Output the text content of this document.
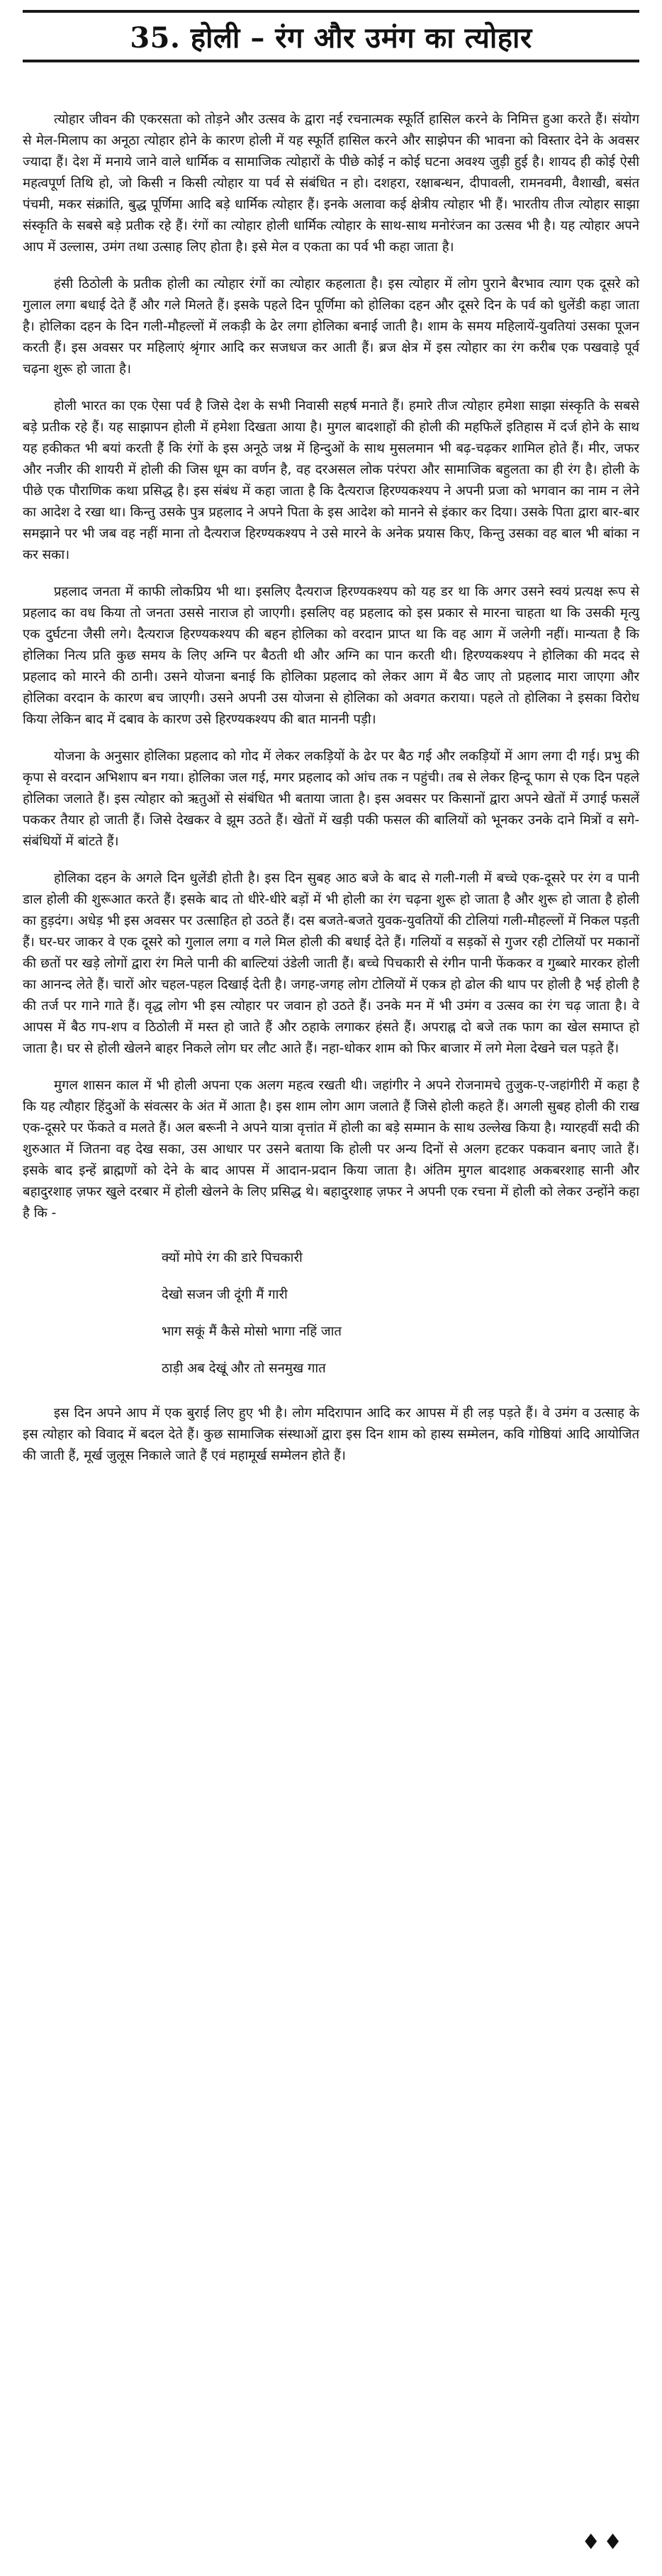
35. होली – रंग और उमंग का त्योहार

त्योहार जीवन की एकरसता को तोड़ने और उत्सव के द्वारा नई रचनात्मक स्फूर्ति हासिल करने के निमित्त हुआ करते हैं। संयोग से मेल-मिलाप का अनूठा त्योहार होने के कारण होली में यह स्फूर्ति हासिल करने और साझेपन की भावना को विस्तार देने के अवसर ज्यादा हैं। देश में मनाये जाने वाले धार्मिक व सामाजिक त्योहारों के पीछे कोई न कोई घटना अवश्य जुड़ी हुई है। शायद ही कोई ऐसी महत्वपूर्ण तिथि हो, जो किसी न किसी त्योहार या पर्व से संबंधित न हो। दशहरा, रक्षाबन्धन, दीपावली, रामनवमी, वैशाखी, बसंत पंचमी, मकर संक्रांति, बुद्ध पूर्णिमा आदि बड़े धार्मिक त्योहार हैं। इनके अलावा कई क्षेत्रीय त्योहार भी हैं। भारतीय तीज त्योहार साझा संस्कृति के सबसे बड़े प्रतीक रहे हैं। रंगों का त्योहार होली धार्मिक त्योहार के साथ-साथ मनोरंजन का उत्सव भी है। यह त्योहार अपने आप में उल्लास, उमंग तथा उत्साह लिए होता है। इसे मेल व एकता का पर्व भी कहा जाता है।

हंसी ठिठोली के प्रतीक होली का त्योहार रंगों का त्योहार कहलाता है। इस त्योहार में लोग पुराने बैरभाव त्याग एक दूसरे को गुलाल लगा बधाई देते हैं और गले मिलते हैं। इसके पहले दिन पूर्णिमा को होलिका दहन और दूसरे दिन के पर्व को धुलेंडी कहा जाता है। होलिका दहन के दिन गली-मौहल्लों में लकड़ी के ढेर लगा होलिका बनाई जाती है। शाम के समय महिलायें-युवतियां उसका पूजन करती हैं। इस अवसर पर महिलाएं श्रृंगार आदि कर सजधज कर आती हैं। ब्रज क्षेत्र में इस त्योहार का रंग करीब एक पखवाड़े पूर्व चढ़ना शुरू हो जाता है।

होली भारत का एक ऐसा पर्व है जिसे देश के सभी निवासी सहर्ष मनाते हैं। हमारे तीज त्योहार हमेशा साझा संस्कृति के सबसे बड़े प्रतीक रहे हैं। यह साझापन होली में हमेशा दिखता आया है। मुगल बादशाहों की होली की महफिलें इतिहास में दर्ज होने के साथ यह हकीकत भी बयां करती हैं कि रंगों के इस अनूठे जश्न में हिन्दुओं के साथ मुसलमान भी बढ़-चढ़कर शामिल होते हैं। मीर, जफर और नजीर की शायरी में होली की जिस धूम का वर्णन है, वह दरअसल लोक परंपरा और सामाजिक बहुलता का ही रंग है। होली के पीछे एक पौराणिक कथा प्रसिद्ध है। इस संबंध में कहा जाता है कि दैत्यराज हिरण्यकश्यप ने अपनी प्रजा को भगवान का नाम न लेने का आदेश दे रखा था। किन्तु उसके पुत्र प्रहलाद ने अपने पिता के इस आदेश को मानने से इंकार कर दिया। उसके पिता द्वारा बार-बार समझाने पर भी जब वह नहीं माना तो दैत्यराज हिरण्यकश्यप ने उसे मारने के अनेक प्रयास किए, किन्तु उसका वह बाल भी बांका न कर सका।

प्रहलाद जनता में काफी लोकप्रिय भी था। इसलिए दैत्यराज हिरण्यकश्यप को यह डर था कि अगर उसने स्वयं प्रत्यक्ष रूप से प्रहलाद का वध किया तो जनता उससे नाराज हो जाएगी। इसलिए वह प्रहलाद को इस प्रकार से मारना चाहता था कि उसकी मृत्यु एक दुर्घटना जैसी लगे। दैत्यराज हिरण्यकश्यप की बहन होलिका को वरदान प्राप्त था कि वह आग में जलेगी नहीं। मान्यता है कि होलिका नित्य प्रति कुछ समय के लिए अग्नि पर बैठती थी और अग्नि का पान करती थी। हिरण्यकश्यप ने होलिका की मदद से प्रहलाद को मारने की ठानी। उसने योजना बनाई कि होलिका प्रहलाद को लेकर आग में बैठ जाए तो प्रहलाद मारा जाएगा और होलिका वरदान के कारण बच जाएगी। उसने अपनी उस योजना से होलिका को अवगत कराया। पहले तो होलिका ने इसका विरोध किया लेकिन बाद में दबाव के कारण उसे हिरण्यकश्यप की बात माननी पड़ी।

योजना के अनुसार होलिका प्रहलाद को गोद में लेकर लकड़ियों के ढेर पर बैठ गई और लकड़ियों में आग लगा दी गई। प्रभु की कृपा से वरदान अभिशाप बन गया। होलिका जल गई, मगर प्रहलाद को आंच तक न पहुंची। तब से लेकर हिन्दू फाग से एक दिन पहले होलिका जलाते हैं। इस त्योहार को ऋतुओं से संबंधित भी बताया जाता है। इस अवसर पर किसानों द्वारा अपने खेतों में उगाई फसलें पककर तैयार हो जाती हैं। जिसे देखकर वे झूम उठते हैं। खेतों में खड़ी पकी फसल की बालियों को भूनकर उनके दाने मित्रों व सगे-संबंधियों में बांटते हैं।

होलिका दहन के अगले दिन धुलेंडी होती है। इस दिन सुबह आठ बजे के बाद से गली-गली में बच्चे एक-दूसरे पर रंग व पानी डाल होली की शुरूआत करते हैं। इसके बाद तो धीरे-धीरे बड़ों में भी होली का रंग चढ़ना शुरू हो जाता है और शुरू हो जाता है होली का हुड़दंग। अधेड़ भी इस अवसर पर उत्साहित हो उठते हैं। दस बजते-बजते युवक-युवतियों की टोलियां गली-मौहल्लों में निकल पड़ती हैं। घर-घर जाकर वे एक दूसरे को गुलाल लगा व गले मिल होली की बधाई देते हैं। गलियों व सड़कों से गुजर रही टोलियों पर मकानों की छतों पर खड़े लोगों द्वारा रंग मिले पानी की बाल्टियां उंडेली जाती हैं। बच्चे पिचकारी से रंगीन पानी फेंककर व गुब्बारे मारकर होली का आनन्द लेते हैं। चारों ओर चहल-पहल दिखाई देती है। जगह-जगह लोग टोलियों में एकत्र हो ढोल की थाप पर होली है भई होली है की तर्ज पर गाने गाते हैं। वृद्ध लोग भी इस त्योहार पर जवान हो उठते हैं। उनके मन में भी उमंग व उत्सव का रंग चढ़ जाता है। वे आपस में बैठ गप-शप व ठिठोली में मस्त हो जाते हैं और ठहाके लगाकर हंसते हैं। अपराह्न दो बजे तक फाग का खेल समाप्त हो जाता है। घर से होली खेलने बाहर निकले लोग घर लौट आते हैं। नहा-धोकर शाम को फिर बाजार में लगे मेला देखने चल पड़ते हैं।

मुगल शासन काल में भी होली अपना एक अलग महत्व रखती थी। जहांगीर ने अपने रोजनामचे तुजुक-ए-जहांगीरी में कहा है कि यह त्यौहार हिंदुओं के संवत्सर के अंत में आता है। इस शाम लोग आग जलाते हैं जिसे होली कहते हैं। अगली सुबह होली की राख एक-दूसरे पर फेंकते व मलते हैं। अल बरूनी ने अपने यात्रा वृत्तांत में होली का बड़े सम्मान के साथ उल्लेख किया है। ग्यारहवीं सदी की शुरुआत में जितना वह देख सका, उस आधार पर उसने बताया कि होली पर अन्य दिनों से अलग हटकर पकवान बनाए जाते हैं। इसके बाद इन्हें ब्राह्मणों को देने के बाद आपस में आदान-प्रदान किया जाता है। अंतिम मुगल बादशाह अकबरशाह सानी और बहादुरशाह ज़फर खुले दरबार में होली खेलने के लिए प्रसिद्ध थे। बहादुरशाह ज़फर ने अपनी एक रचना में होली को लेकर उन्होंने कहा है कि -

क्यों मोपे रंग की डारे पिचकारी
देखो सजन जी दूंगी मैं गारी
भाग सकूं मैं कैसे मोसो भागा नहिं जात
ठाड़ी अब देखूं और तो सनमुख गात

इस दिन अपने आप में एक बुराई लिए हुए भी है। लोग मदिरापान आदि कर आपस में ही लड़ पड़ते हैं। वे उमंग व उत्साह के इस त्योहार को विवाद में बदल देते हैं। कुछ सामाजिक संस्थाओं द्वारा इस दिन शाम को हास्य सम्मेलन, कवि गोष्ठियां आदि आयोजित की जाती हैं, मूर्ख जुलूस निकाले जाते हैं एवं महामूर्ख सम्मेलन होते हैं।

♦♦
